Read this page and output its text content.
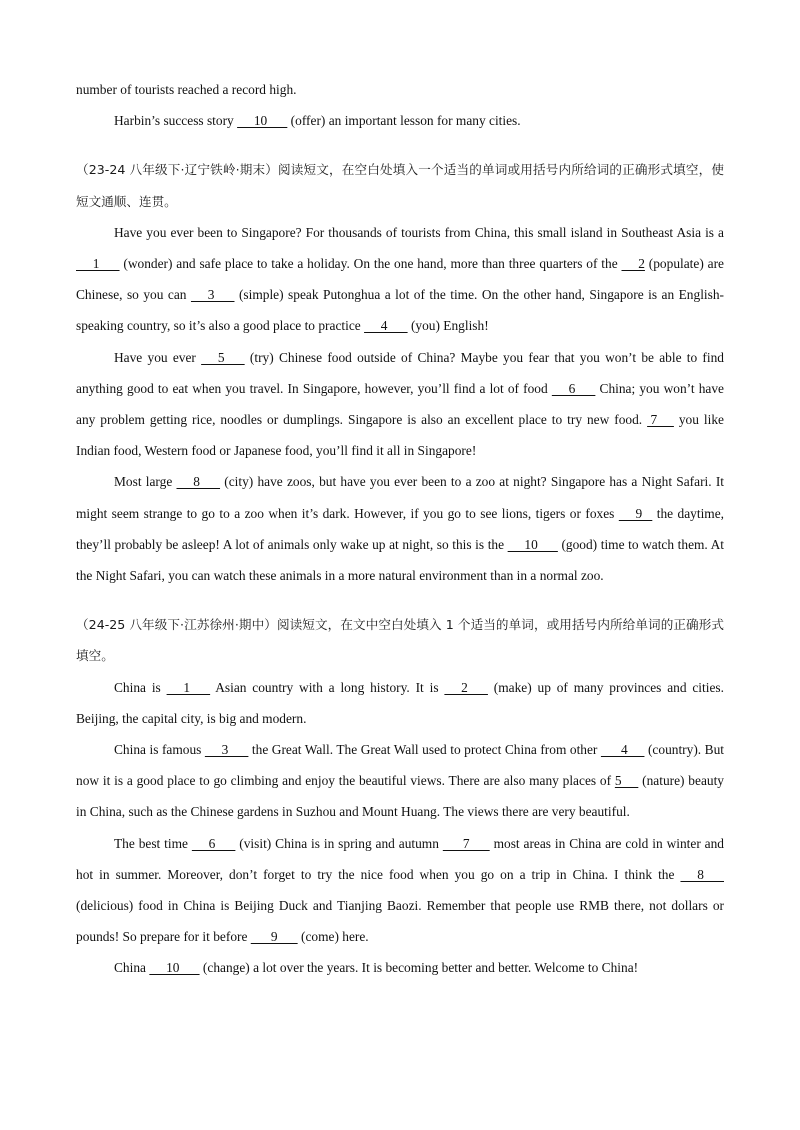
number of tourists reached a record high.

Harbin’s success story      10       (offer) an important lesson for many cities.

（23-24 八年级下·辽宁铁岭·期末）阅读短文，在空白处填入一个适当的单词或用括号内所给词的正确形式填空，使短文通顺、连贯。

Have you ever been to Singapore? For thousands of tourists from China, this small island in Southeast Asia is a      1       (wonder) and safe place to take a holiday. On the one hand, more than three quarters of the      2 (populate) are Chinese, so you can      3       (simple) speak Putonghua a lot of the time. On the other hand, Singapore is an English-speaking country, so it’s also a good place to practice      4       (you) English!

Have you ever      5       (try) Chinese food outside of China? Maybe you fear that you won’t be able to find anything good to eat when you travel. In Singapore, however, you’ll find a lot of food      6       China; you won’t have any problem getting rice, noodles or dumplings. Singapore is also an excellent place to try new food.  7      you like Indian food, Western food or Japanese food, you’ll find it all in Singapore!

Most large      8       (city) have zoos, but have you ever been to a zoo at night? Singapore has a Night Safari. It might seem strange to go to a zoo when it’s dark. However, if you go to see lions, tigers or foxes      9    the daytime, they’ll probably be asleep! A lot of animals only wake up at night, so this is the      10       (good) time to watch them. At the Night Safari, you can watch these animals in a more natural environment than in a normal zoo.

（24-25 八年级下·江苏徐州·期中）阅读短文，在文中空白处填入 1 个适当的单词，或用括号内所给单词的正确形式填空。

China is      1       Asian country with a long history. It is      2       (make) up of many provinces and cities. Beijing, the capital city, is big and modern.

China is famous      3       the Great Wall. The Great Wall used to protect China from other       4      (country). But now it is a good place to go climbing and enjoy the beautiful views. There are also many places of 5      (nature) beauty in China, such as the Chinese gardens in Suzhou and Mount Huang. The views there are very beautiful.

The best time      6       (visit) China is in spring and autumn       7       most areas in China are cold in winter and hot in summer. Moreover, don’t forget to try the nice food when you go on a trip in China. I think the      8       (delicious) food in China is Beijing Duck and Tianjing Baozi. Remember that people use RMB there, not dollars or pounds! So prepare for it before       9       (come) here.

China      10       (change) a lot over the years. It is becoming better and better. Welcome to China!
